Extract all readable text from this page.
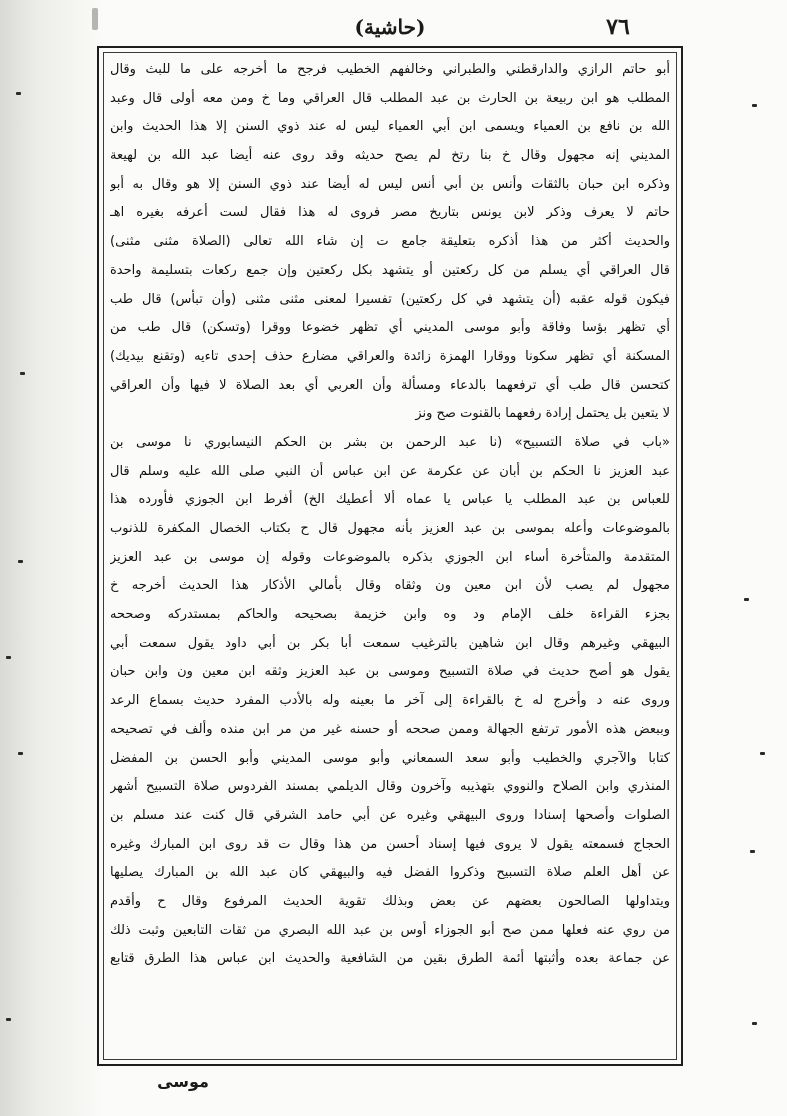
(حاشية)	٧٦
أبو حاتم الرازي والدارقطني والطبراني وخالفهم الخطيب فرجح ما أخرجه على ما للبث وقال
المطلب هو ابن ربيعة بن الحارث بن عبد المطلب قال العراقي وما خ ومن معه أولى قال وعبد
الله بن نافع بن العمياء ويسمى ابن أبي العمياء ليس له عند ذوي السنن إلا هذا الحديث وابن
المديني إنه مجهول وقال خ بنا رتخ لم يصح حديثه وقد روى عنه أيضا عبد الله بن لهيعة
وذكره ابن حبان بالثقات وأنس بن أبي أنس ليس له أيضا عند ذوي السنن إلا هو وقال به أبو
حاتم لا يعرف وذكر لابن يونس بتاريخ مصر فروى له هذا فقال لست أعرفه بغيره اهـ
والحديث أكثر من هذا أذكره بتعليقة جامع ت إن شاء الله تعالى (الصلاة مثنى مثنى)
قال العراقي أي يسلم من كل ركعتين أو يتشهد بكل ركعتين وإن جمع ركعات بتسليمة واحدة
فيكون قوله عقبه (أن يتشهد في كل ركعتين) تفسيرا لمعنى مثنى مثنى (وأن تبأس) قال طب
أي تظهر بؤسا وفاقة وأبو موسى المديني أي تظهر خضوعا ووقرا (وتسكن) قال طب من
المسكنة أي تظهر سكونا ووقارا الهمزة زائدة والعراقي مضارع حذف إحدى تاءيه (وتقنع بيديك)
كتحسن قال طب أي ترفعهما بالدعاء ومسألة وأن العربي أي بعد الصلاة لا فيها وأن العراقي
لا يتعين بل يحتمل إرادة رفعهما بالقنوت صح ونز
«باب في صلاة التسبيح» (نا عبد الرحمن بن بشر بن الحكم النيسابوري نا موسى بن
عبد العزيز نا الحكم بن أبان عن عكرمة عن ابن عباس أن النبي صلى الله عليه وسلم قال
للعباس بن عبد المطلب يا عباس يا عماه ألا أعطيك الخ) أفرط ابن الجوزي فأورده هذا
بالموضوعات وأعله بموسى بن عبد العزيز بأنه مجهول قال ح بكتاب الخصال المكفرة للذنوب
المتقدمة والمتأخرة أساء ابن الجوزي بذكره بالموضوعات وقوله إن موسى بن عبد العزيز
مجهول لم يصب لأن ابن معين ون وثقاه وقال بأمالي الأذكار هذا الحديث أخرجه خ
بجزء القراءة خلف الإمام ود وه وابن خزيمة بصحيحه والحاكم بمستدركه وصححه
البيهقي وغيرهم وقال ابن شاهين بالترغيب سمعت أبا بكر بن أبي داود يقول سمعت أبي
يقول هو أصح حديث في صلاة التسبيح وموسى بن عبد العزيز وثقه ابن معين ون وابن حبان
وروى عنه د وأخرج له خ بالقراءة إلى آخر ما بعينه وله بالأدب المفرد حديث بسماع الرعد
وببعض هذه الأمور ترتفع الجهالة وممن صححه أو حسنه غير من مر ابن منده وألف في تصحيحه
كتابا والآجري والخطيب وأبو سعد السمعاني وأبو موسى المديني وأبو الحسن بن المفضل
المنذري وابن الصلاح والنووي بتهذيبه وآخرون وقال الديلمي بمسند الفردوس صلاة التسبيح أشهر
الصلوات وأصحها إسنادا وروى البيهقي وغيره عن أبي حامد الشرقي قال كنت عند مسلم بن
الحجاج فسمعته يقول لا يروى فيها إسناد أحسن من هذا وقال ت قد روى ابن المبارك وغيره
عن أهل العلم صلاة التسبيح وذكروا الفضل فيه والبيهقي كان عبد الله بن المبارك يصليها
ويتداولها الصالحون بعضهم عن بعض وبذلك تقوية الحديث المرفوع وقال ح وأقدم
من روي عنه فعلها ممن صح أبو الجوزاء أوس بن عبد الله البصري من ثقات التابعين وثبت ذلك
عن جماعة بعده وأثبتها أئمة الطرق بقين من الشافعية والحديث ابن عباس هذا الطرق قتابع
موسى
